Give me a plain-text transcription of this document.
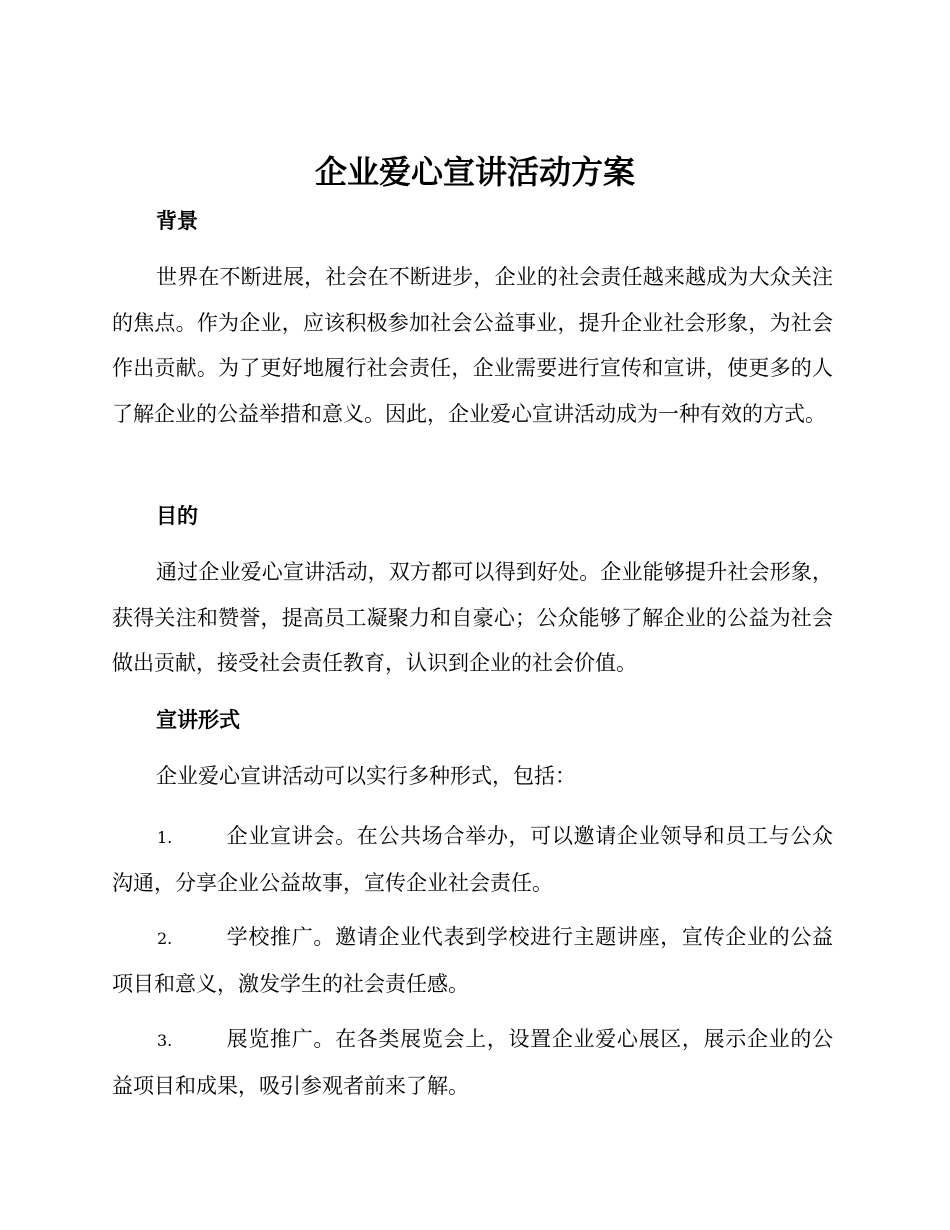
企业爱心宣讲活动方案
背景

世界在不断进展，社会在不断进步，企业的社会责任越来越成为大众关注的焦点。作为企业，应该积极参加社会公益事业，提升企业社会形象，为社会作出贡献。为了更好地履行社会责任，企业需要进行宣传和宣讲，使更多的人了解企业的公益举措和意义。因此，企业爱心宣讲活动成为一种有效的方式。

目的

通过企业爱心宣讲活动，双方都可以得到好处。企业能够提升社会形象，获得关注和赞誉，提高员工凝聚力和自豪心；公众能够了解企业的公益为社会做出贡献，接受社会责任教育，认识到企业的社会价值。

宣讲形式

企业爱心宣讲活动可以实行多种形式，包括：

1.	企业宣讲会。在公共场合举办，可以邀请企业领导和员工与公众沟通，分享企业公益故事，宣传企业社会责任。

2.	学校推广。邀请企业代表到学校进行主题讲座，宣传企业的公益项目和意义，激发学生的社会责任感。

3.	展览推广。在各类展览会上，设置企业爱心展区，展示企业的公益项目和成果，吸引参观者前来了解。
